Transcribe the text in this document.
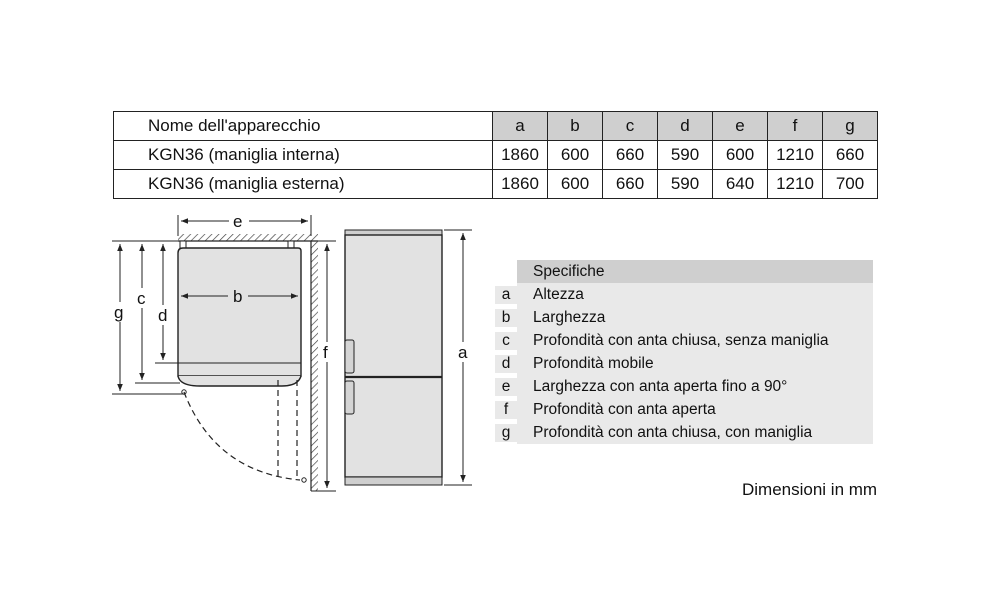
Nome dell'apparecchio	a	b	c	d	e	f	g
KGN36 (maniglia interna)	1860	600	660	590	600	1210	660
KGN36 (maniglia esterna)	1860	600	660	590	640	1210	700
e
b
g
c
d
f	a
Specifiche
a	Altezza
b	Larghezza
c	Profondità con anta chiusa, senza maniglia
d	Profondità mobile
e	Larghezza con anta aperta fino a 90°
f	Profondità con anta aperta
g	Profondità con anta chiusa, con maniglia
Dimensioni in mm
